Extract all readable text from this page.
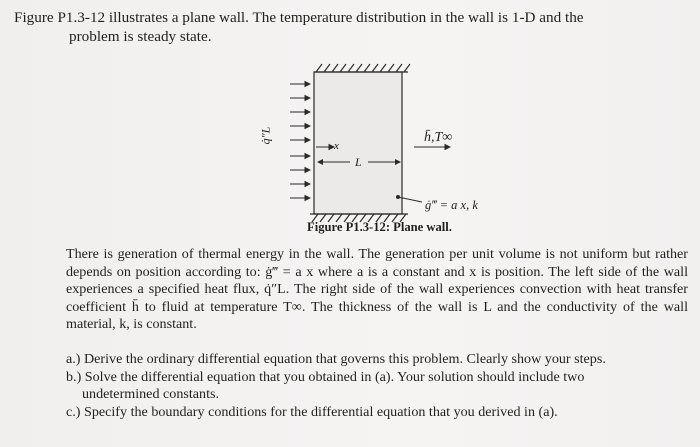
Figure P1.3-12 illustrates a plane wall. The temperature distribution in the wall is 1-D and the
problem is steady state.
q̇″L
x
L
h̄,T∞
ġ‴ = a x, k
Figure P1.3-12: Plane wall.

There is generation of thermal energy in the wall. The generation per unit volume is not uniform but rather depends on position according to: ġ‴ = a x where a is a constant and x is position. The left side of the wall experiences a specified heat flux, q̇″L. The right side of the wall experiences convection with heat transfer coefficient h̄ to fluid at temperature T∞. The thickness of the wall is L and the conductivity of the wall material, k, is constant.

a.) Derive the ordinary differential equation that governs this problem. Clearly show your steps.
b.) Solve the differential equation that you obtained in (a). Your solution should include two
undetermined constants.
c.) Specify the boundary conditions for the differential equation that you derived in (a).
